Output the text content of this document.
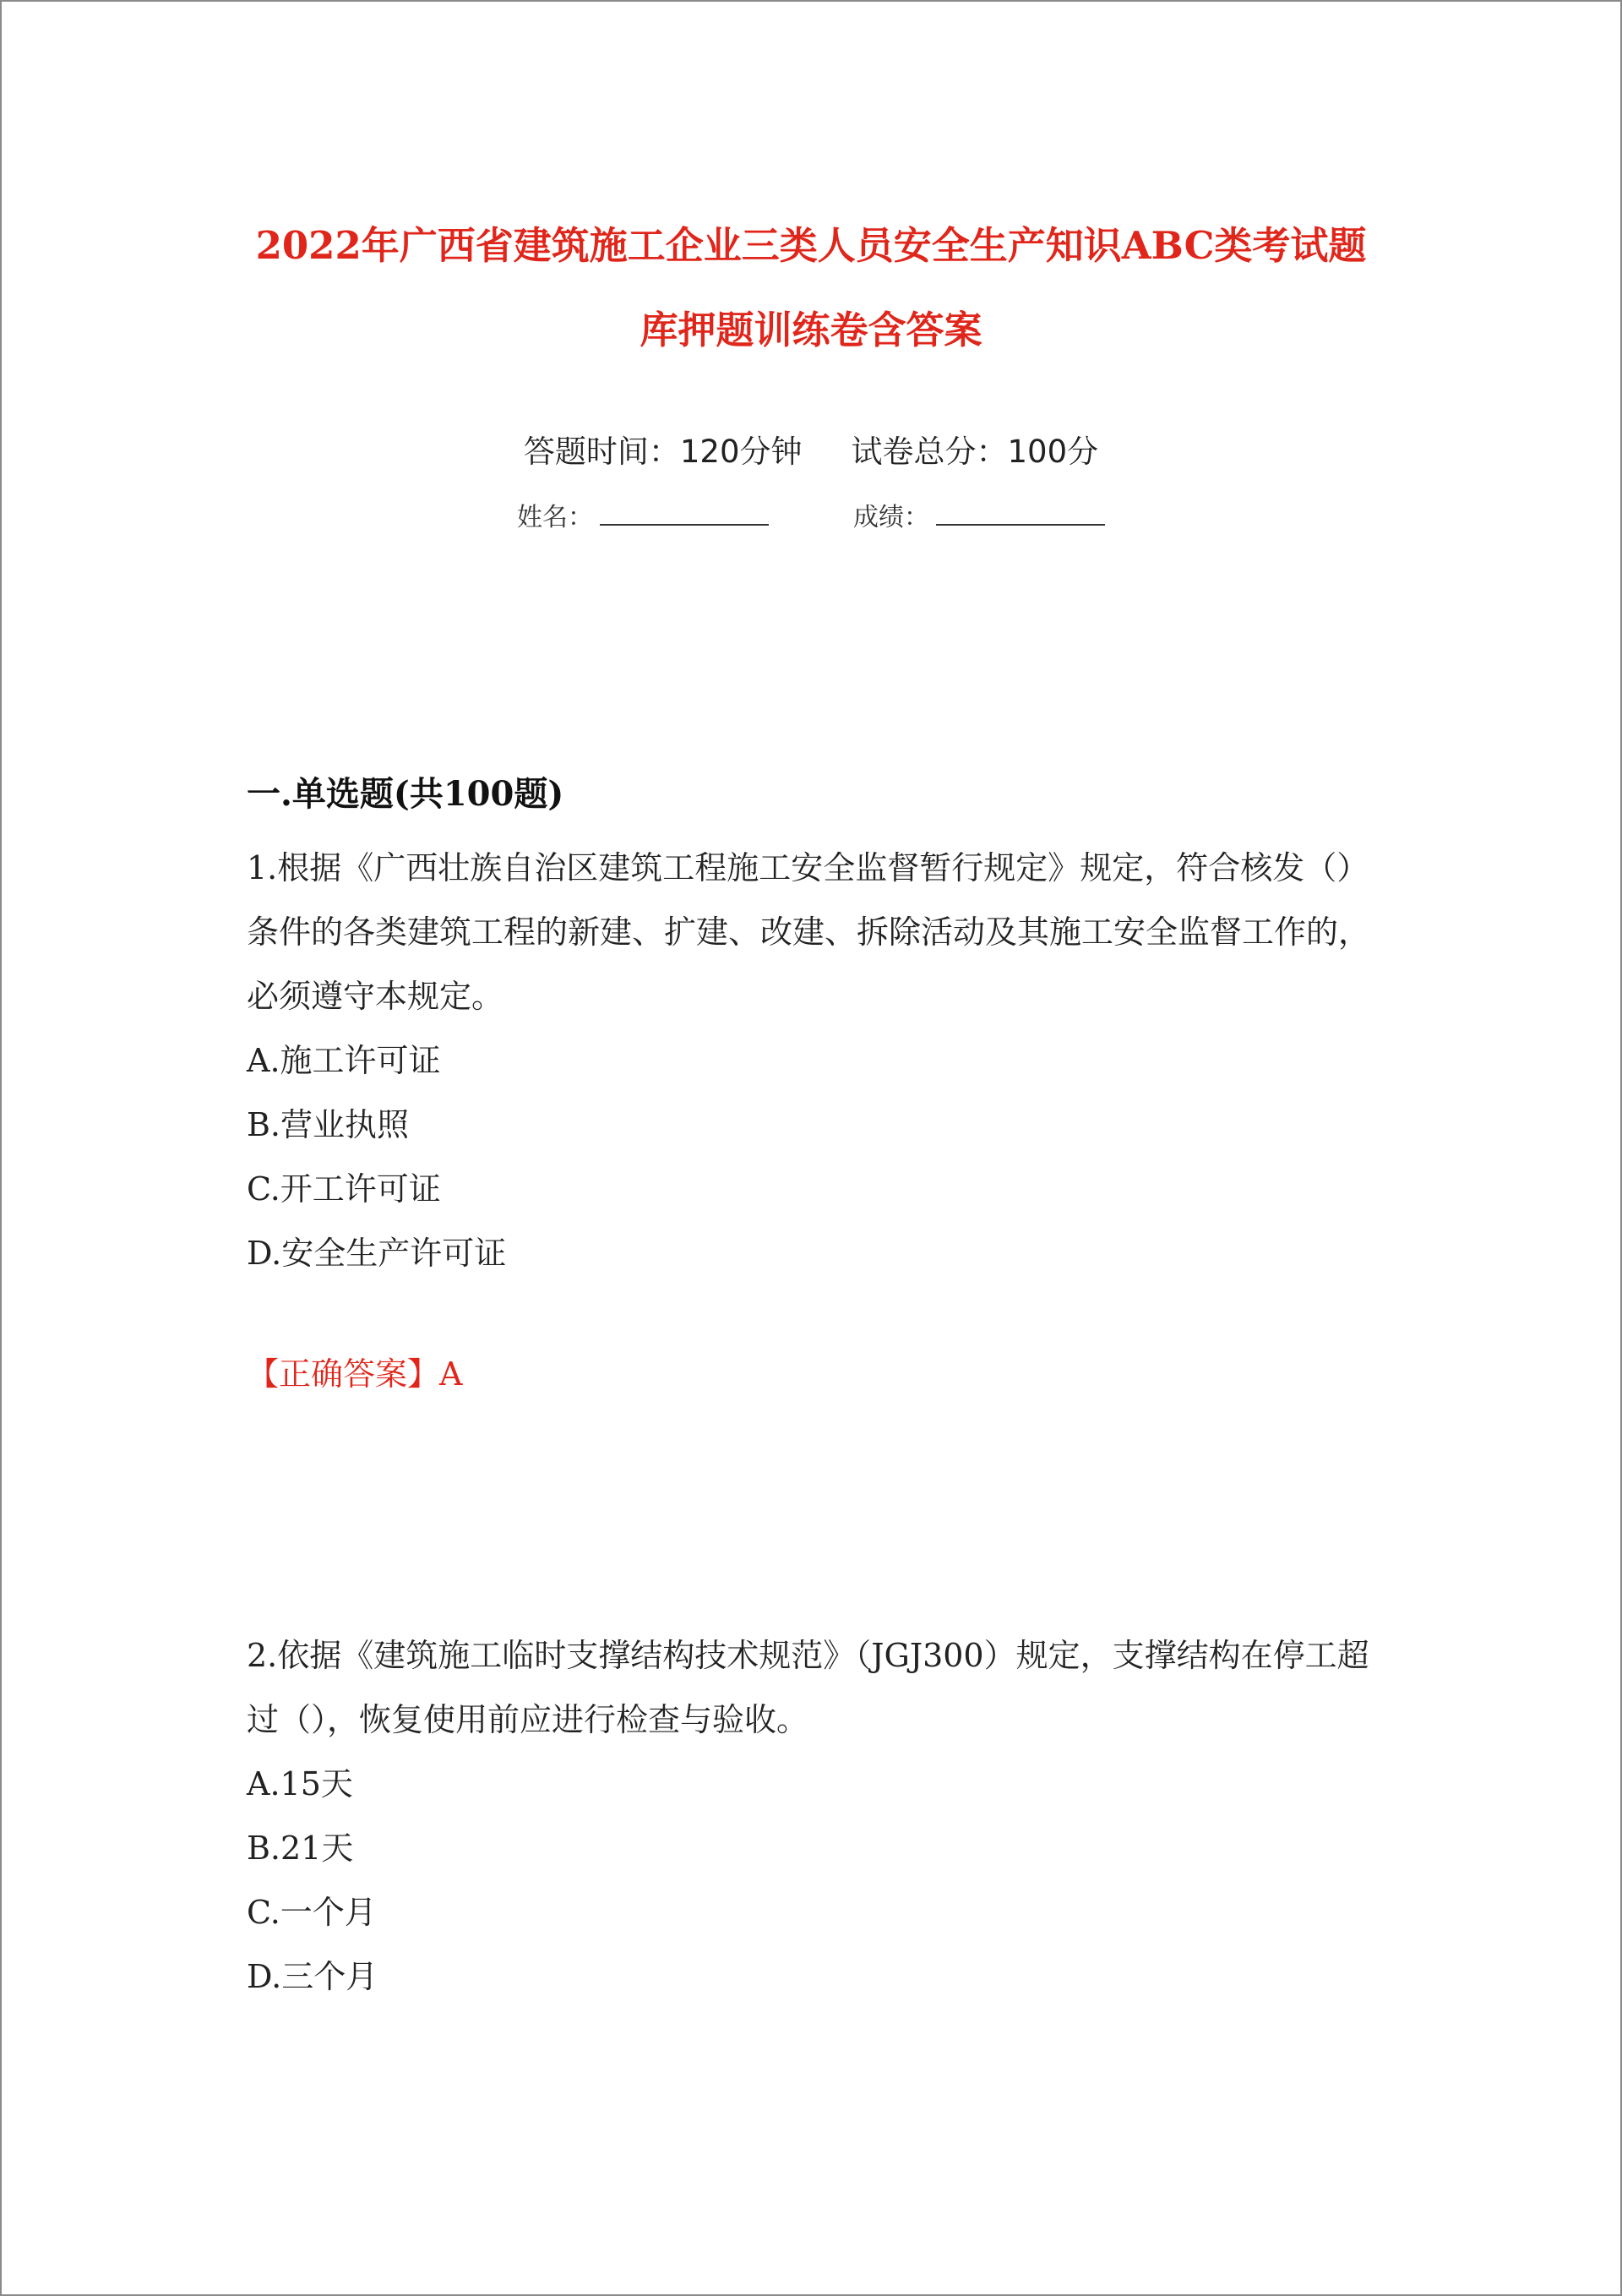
2022年广西省建筑施工企业三类人员安全生产知识ABC类考试题
库押题训练卷含答案
答题时间：120分钟 试卷总分：100分
姓名：	成绩：
一.单选题(共100题)
1.根据《广西壮族自治区建筑工程施工安全监督暂行规定》规定，符合核发（）
条件的各类建筑工程的新建、扩建、改建、拆除活动及其施工安全监督工作的，
必须遵守本规定。
A.施工许可证
B.营业执照
C.开工许可证
D.安全生产许可证
【正确答案】A
2.依据《建筑施工临时支撑结构技术规范》（JGJ300）规定，支撑结构在停工超
过（），恢复使用前应进行检查与验收。
A.15天
B.21天
C.一个月
D.三个月
